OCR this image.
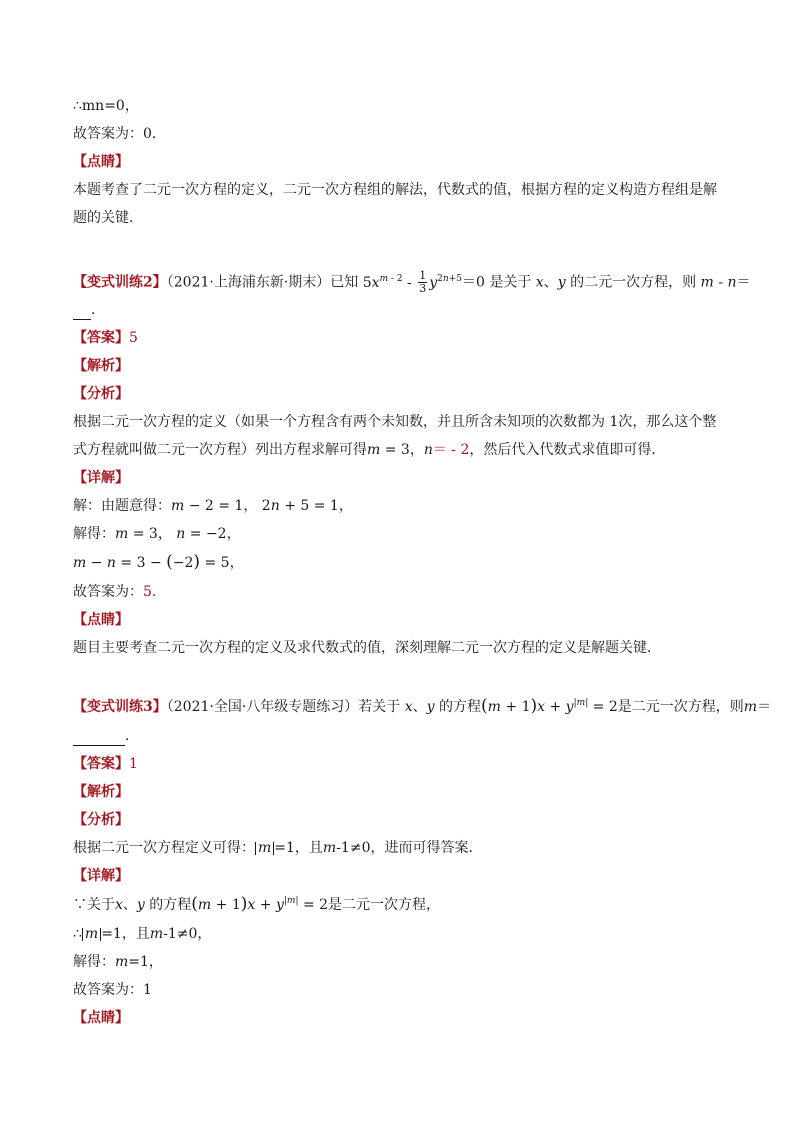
∴mn=0，
故答案为：0．
【点睛】
本题考查了二元一次方程的定义，二元一次方程组的解法，代数式的值，根据方程的定义构造方程组是解
题的关键．
【变式训练2】（2021·上海浦东新·期末）已知 $5x^{m - 2} - \frac{1}{3} y^{2n+5}=0$ 是关于 x、y 的二元一次方程，则 m - n＝
．
【答案】5
【解析】
【分析】
根据二元一次方程的定义（如果一个方程含有两个未知数，并且所含未知项的次数都为 1次，那么这个整
式方程就叫做二元一次方程）列出方程求解可得m = 3，n＝ - 2，然后代入代数式求值即可得．
【详解】
解：由题意得：m − 2 = 1， 2n + 5 = 1，
解得：m = 3， n = −2，
m − n = 3 − (−2) = 5，
故答案为：5．
【点睛】
题目主要考查二元一次方程的定义及求代数式的值，深刻理解二元一次方程的定义是解题关键．
【变式训练3】（2021·全国·八年级专题练习）若关于 x、y 的方程$(m + 1)x + y^{|m|} = 2$是二元一次方程，则m＝
．
【答案】1
【解析】
【分析】
根据二元一次方程定义可得： m =1，且m-1≠0，进而可得答案．
【详解】
∵关于x、y 的方程$(m + 1)x + y^{|m|} = 2$是二元一次方程，
∴ m =1，且m-1≠0，
解得：m=1，
故答案为：1
【点睛】
